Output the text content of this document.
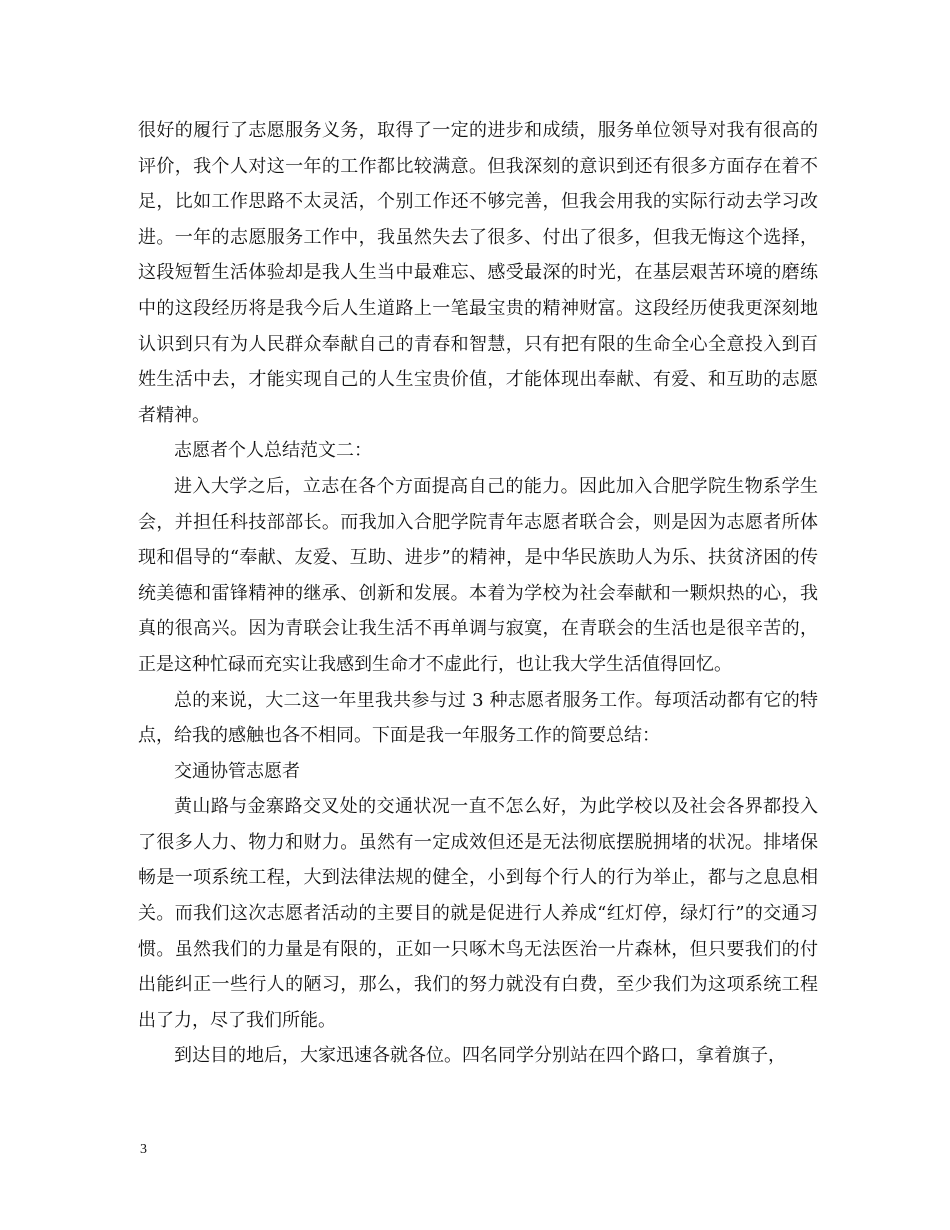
很好的履行了志愿服务义务，取得了一定的进步和成绩，服务单位领导对我有很高的评价，我个人对这一年的工作都比较满意。但我深刻的意识到还有很多方面存在着不足，比如工作思路不太灵活，个别工作还不够完善，但我会用我的实际行动去学习改进。一年的志愿服务工作中，我虽然失去了很多、付出了很多，但我无悔这个选择，这段短暂生活体验却是我人生当中最难忘、感受最深的时光，在基层艰苦环境的磨练中的这段经历将是我今后人生道路上一笔最宝贵的精神财富。这段经历使我更深刻地认识到只有为人民群众奉献自己的青春和智慧，只有把有限的生命全心全意投入到百姓生活中去，才能实现自己的人生宝贵价值，才能体现出奉献、有爱、和互助的志愿者精神。

志愿者个人总结范文二：

进入大学之后，立志在各个方面提高自己的能力。因此加入合肥学院生物系学生会，并担任科技部部长。而我加入合肥学院青年志愿者联合会，则是因为志愿者所体现和倡导的“奉献、友爱、互助、进步”的精神，是中华民族助人为乐、扶贫济困的传统美德和雷锋精神的继承、创新和发展。本着为学校为社会奉献和一颗炽热的心，我真的很高兴。因为青联会让我生活不再单调与寂寞，在青联会的生活也是很辛苦的，正是这种忙碌而充实让我感到生命才不虚此行，也让我大学生活值得回忆。

总的来说，大二这一年里我共参与过 3 种志愿者服务工作。每项活动都有它的特点，给我的感触也各不相同。下面是我一年服务工作的简要总结：

交通协管志愿者

黄山路与金寨路交叉处的交通状况一直不怎么好，为此学校以及社会各界都投入了很多人力、物力和财力。虽然有一定成效但还是无法彻底摆脱拥堵的状况。排堵保畅是一项系统工程，大到法律法规的健全，小到每个行人的行为举止，都与之息息相关。而我们这次志愿者活动的主要目的就是促进行人养成“红灯停，绿灯行”的交通习惯。虽然我们的力量是有限的，正如一只啄木鸟无法医治一片森林，但只要我们的付出能纠正一些行人的陋习，那么，我们的努力就没有白费，至少我们为这项系统工程出了力，尽了我们所能。

到达目的地后，大家迅速各就各位。四名同学分别站在四个路口，拿着旗子，

3
